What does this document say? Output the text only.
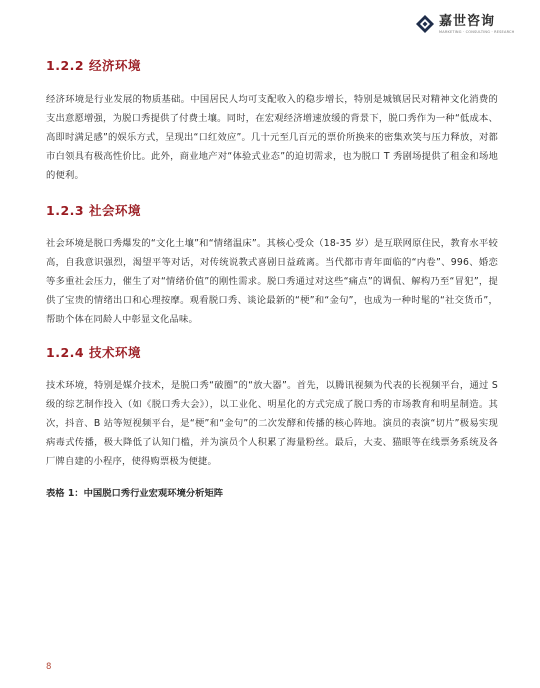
嘉世咨询
MARKETING · CONSULTING · RESEARCH
1.2.2 经济环境

经济环境是行业发展的物质基础。中国居民人均可支配收入的稳步增长，特别是城镇居民对精神文化消费的支出意愿增强，为脱口秀提供了付费土壤。同时，在宏观经济增速放缓的背景下，脱口秀作为一种“低成本、高即时满足感”的娱乐方式，呈现出“口红效应”。几十元至几百元的票价所换来的密集欢笑与压力释放，对都市白领具有极高性价比。此外，商业地产对“体验式业态”的迫切需求，也为脱口 T 秀剧场提供了租金和场地的便利。

1.2.3 社会环境

社会环境是脱口秀爆发的“文化土壤”和“情绪温床”。其核心受众（18-35 岁）是互联网原住民，教育水平较高，自我意识强烈，渴望平等对话，对传统说教式喜剧日益疏离。当代都市青年面临的“内卷”、996、婚恋等多重社会压力，催生了对“情绪价值”的刚性需求。脱口秀通过对这些“痛点”的调侃、解构乃至“冒犯”，提供了宝贵的情绪出口和心理按摩。观看脱口秀、谈论最新的“梗”和“金句”，也成为一种时髦的“社交货币”，帮助个体在同龄人中彰显文化品味。

1.2.4 技术环境

技术环境，特别是媒介技术，是脱口秀“破圈”的“放大器”。首先，以腾讯视频为代表的长视频平台，通过 S 级的综艺制作投入（如《脱口秀大会》），以工业化、明星化的方式完成了脱口秀的市场教育和明星制造。其次，抖音、B 站等短视频平台，是“梗”和“金句”的二次发酵和传播的核心阵地。演员的表演“切片”极易实现病毒式传播，极大降低了认知门槛，并为演员个人积累了海量粉丝。最后，大麦、猫眼等在线票务系统及各厂牌自建的小程序，使得购票极为便捷。

表格 1：中国脱口秀行业宏观环境分析矩阵
8
